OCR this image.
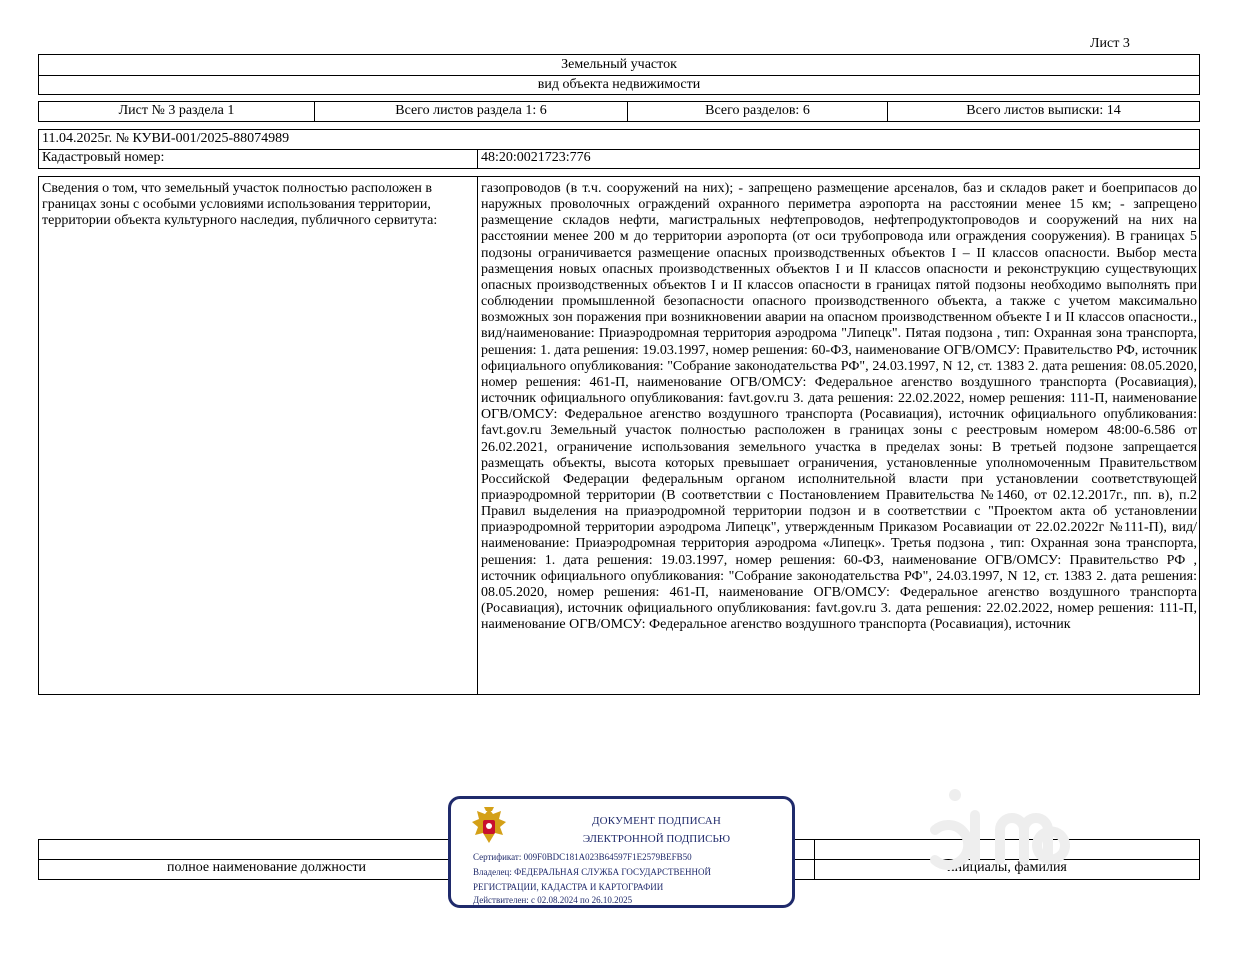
Лист 3
Земельный участок
вид объекта недвижимости
Лист № 3 раздела 1	Всего листов раздела 1: 6	Всего разделов: 6	Всего листов выписки: 14
11.04.2025г. № КУВИ-001/2025-88074989
Кадастровый номер:	48:20:0021723:776
Сведения о том, что земельный участок полностью расположен в границах зоны с особыми условиями использования территории, территории объекта культурного наследия, публичного сервитута:
газопроводов (в т.ч. сооружений на них); - запрещено размещение арсеналов, баз и складов ракет и боеприпасов до наружных проволочных ограждений охранного периметра аэропорта на расстоянии менее 15 км; - запрещено размещение складов нефти, магистральных нефтепроводов, нефтепродуктопроводов и сооружений на них на расстоянии менее 200 м до территории аэропорта (от оси трубопровода или ограждения сооружения). В границах 5 подзоны ограничивается размещение опасных производственных объектов I – II классов опасности. Выбор места размещения новых опасных производственных объектов I и II классов опасности и реконструкцию существующих опасных производственных объектов I и II классов опасности в границах пятой подзоны необходимо выполнять при соблюдении промышленной безопасности опасного производственного объекта, а также с учетом максимально возможных зон поражения при возникновении аварии на опасном производственном объекте I и II классов опасности., вид/наименование: Приаэродромная территория аэродрома "Липецк". Пятая подзона , тип: Охранная зона транспорта, решения: 1. дата решения: 19.03.1997, номер решения: 60-ФЗ, наименование ОГВ/ОМСУ: Правительство РФ, источник официального опубликования: "Собрание законодательства РФ", 24.03.1997, N 12, ст. 1383 2. дата решения: 08.05.2020, номер решения: 461-П, наименование ОГВ/ОМСУ: Федеральное агенство воздушного транспорта (Росавиация), источник официального опубликования: favt.gov.ru 3. дата решения: 22.02.2022, номер решения: 111-П, наименование ОГВ/ОМСУ: Федеральное агенство воздушного транспорта (Росавиация), источник официального опубликования: favt.gov.ru Земельный участок полностью расположен в границах зоны с реестровым номером 48:00-6.586 от 26.02.2021, ограничение использования земельного участка в пределах зоны: В третьей подзоне запрещается размещать объекты, высота которых превышает ограничения, установленные уполномоченным Правительством Российской Федерации федеральным органом исполнительной власти при установлении соответствующей приаэродромной территории (В соответствии с Постановлением Правительства №1460, от 02.12.2017г., пп. в), п.2 Правил выделения на приаэродромной территории подзон и в соответствии с "Проектом акта об установлении приаэродромной территории аэродрома Липецк", утвержденным Приказом Росавиации от 22.02.2022г №111-П), вид/наименование: Приаэродромная территория аэродрома «Липецк». Третья подзона , тип: Охранная зона транспорта, решения: 1. дата решения: 19.03.1997, номер решения: 60-ФЗ, наименование ОГВ/ОМСУ: Правительство РФ , источник официального опубликования: "Собрание законодательства РФ", 24.03.1997, N 12, ст. 1383 2. дата решения: 08.05.2020, номер решения: 461-П, наименование ОГВ/ОМСУ: Федеральное агенство воздушного транспорта (Росавиация), источник официального опубликования: favt.gov.ru 3. дата решения: 22.02.2022, номер решения: 111-П, наименование ОГВ/ОМСУ: Федеральное агенство воздушного транспорта (Росавиация), источник
полное наименование должности	инициалы, фамилия
ДОКУМЕНТ ПОДПИСАН
ЭЛЕКТРОННОЙ ПОДПИСЬЮ
Сертификат: 009F0BDC181A023B64597F1E2579BEFB50
Владелец: ФЕДЕРАЛЬНАЯ СЛУЖБА ГОСУДАРСТВЕННОЙ
РЕГИСТРАЦИИ, КАДАСТРА И КАРТОГРАФИИ
Действителен: с 02.08.2024 по 26.10.2025
